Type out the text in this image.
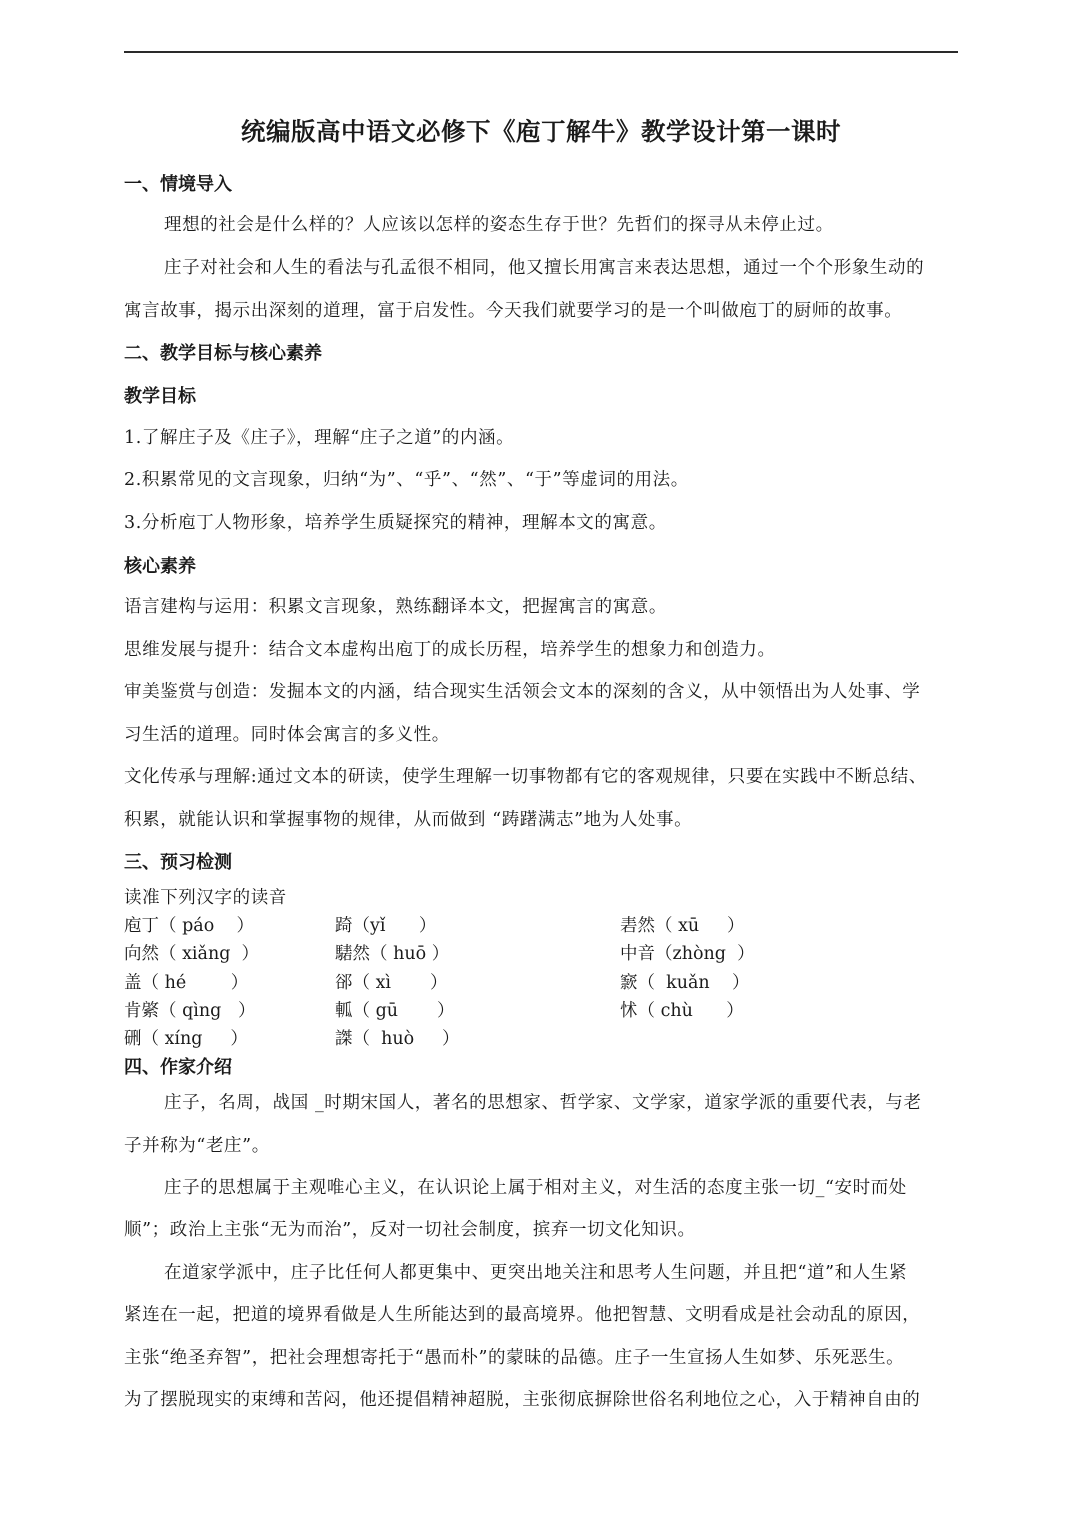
统编版高中语文必修下《庖丁解牛》教学设计第一课时
一、情境导入
理想的社会是什么样的？人应该以怎样的姿态生存于世？先哲们的探寻从未停止过。
庄子对社会和人生的看法与孔孟很不相同，他又擅长用寓言来表达思想，通过一个个形象生动的
寓言故事，揭示出深刻的道理，富于启发性。今天我们就要学习的是一个叫做庖丁的厨师的故事。
二、教学目标与核心素养
教学目标
1.了解庄子及《庄子》，理解“庄子之道”的内涵。
2.积累常见的文言现象，归纳“为”、“乎”、“然”、“于”等虚词的用法。
3.分析庖丁人物形象，培养学生质疑探究的精神，理解本文的寓意。
核心素养
语言建构与运用：积累文言现象，熟练翻译本文，把握寓言的寓意。
思维发展与提升：结合文本虚构出庖丁的成长历程，培养学生的想象力和创造力。
审美鉴赏与创造：发掘本文的内涵，结合现实生活领会文本的深刻的含义，从中领悟出为人处事、学
习生活的道理。同时体会寓言的多义性。
文化传承与理解:通过文本的研读，使学生理解一切事物都有它的客观规律，只要在实践中不断总结、
积累，就能认识和掌握事物的规律，从而做到 “踌躇满志”地为人处事。
三、预习检测
读准下列汉字的读音
庖丁（ páo    ）	踦（yǐ      ）	砉然（ xū     ）
向然（ xiǎng  ）	騞然（ huō ）	中音（zhòng  ）
盖（ hé        ）	郤（ xì       ）	窾（  kuǎn    ）
肯綮（ qìng   ）	軱（ gū       ）	怵（ chù      ）
硎（ xíng     ）	謋（  huò     ）
四、作家介绍
庄子，名周，战国 _时期宋国人，著名的思想家、哲学家、文学家，道家学派的重要代表，与老
子并称为“老庄”。
庄子的思想属于主观唯心主义，在认识论上属于相对主义，对生活的态度主张一切_“安时而处
顺”；政治上主张“无为而治”，反对一切社会制度，摈弃一切文化知识。
在道家学派中，庄子比任何人都更集中、更突出地关注和思考人生问题，并且把“道”和人生紧
紧连在一起，把道的境界看做是人生所能达到的最高境界。他把智慧、文明看成是社会动乱的原因，
主张“绝圣弃智”，把社会理想寄托于“愚而朴”的蒙昧的品德。庄子一生宣扬人生如梦、乐死恶生。
为了摆脱现实的束缚和苦闷，他还提倡精神超脱，主张彻底摒除世俗名利地位之心，入于精神自由的
